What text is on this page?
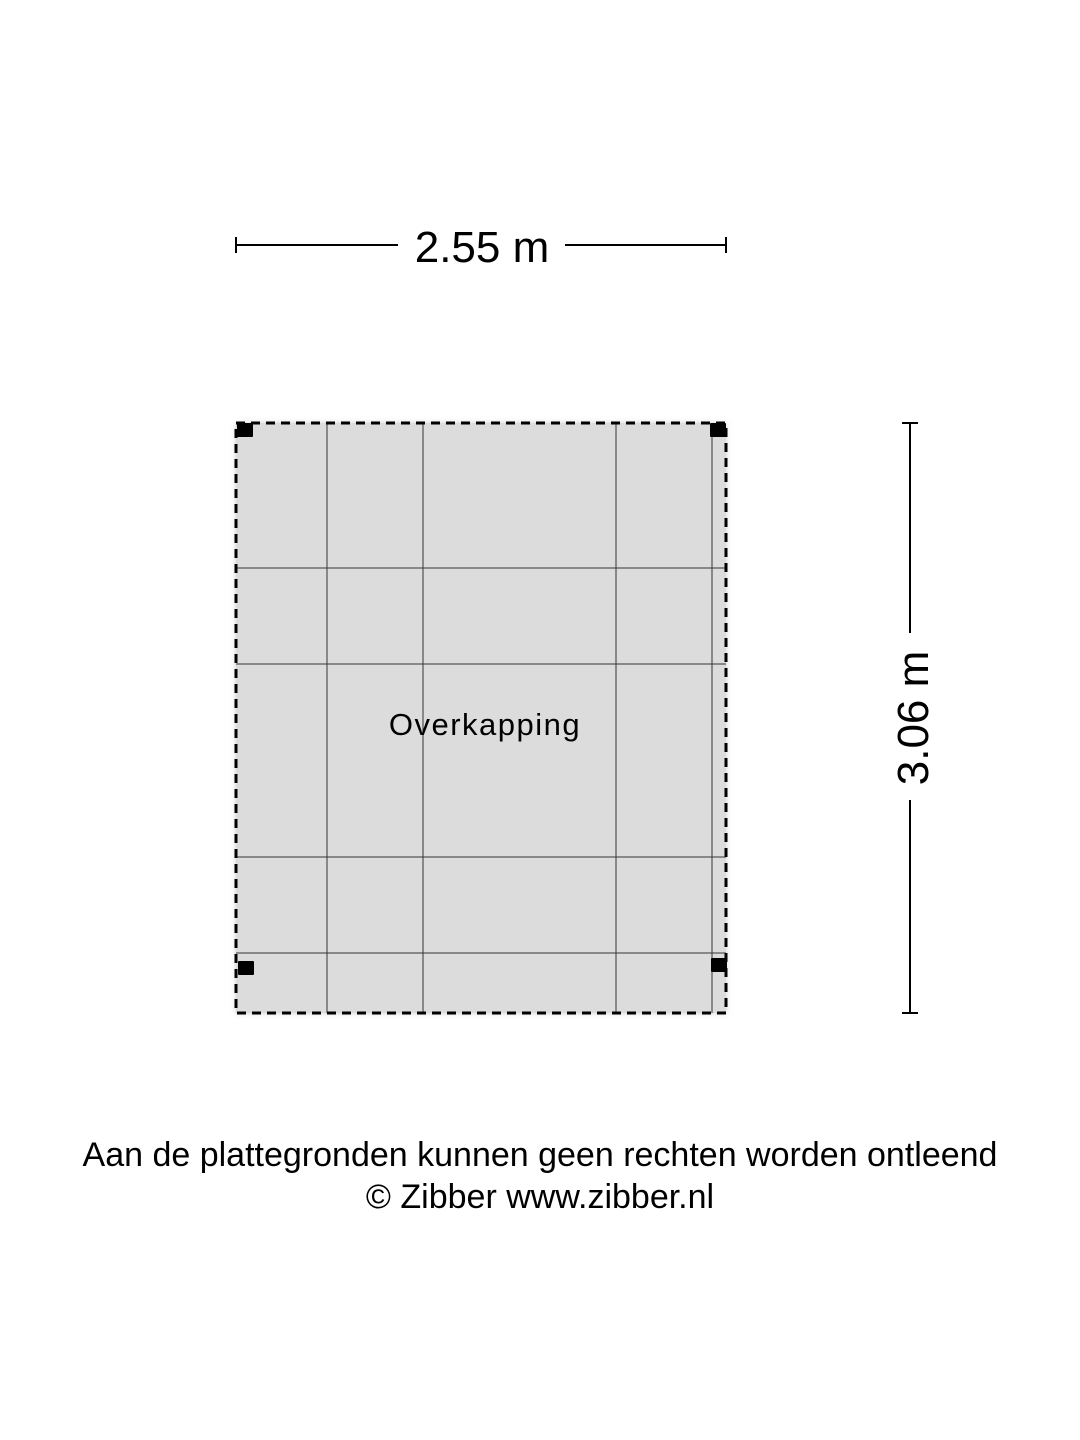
2.55 m
3.06 m
Overkapping

Aan de plattegronden kunnen geen rechten worden ontleend

© Zibber www.zibber.nl
